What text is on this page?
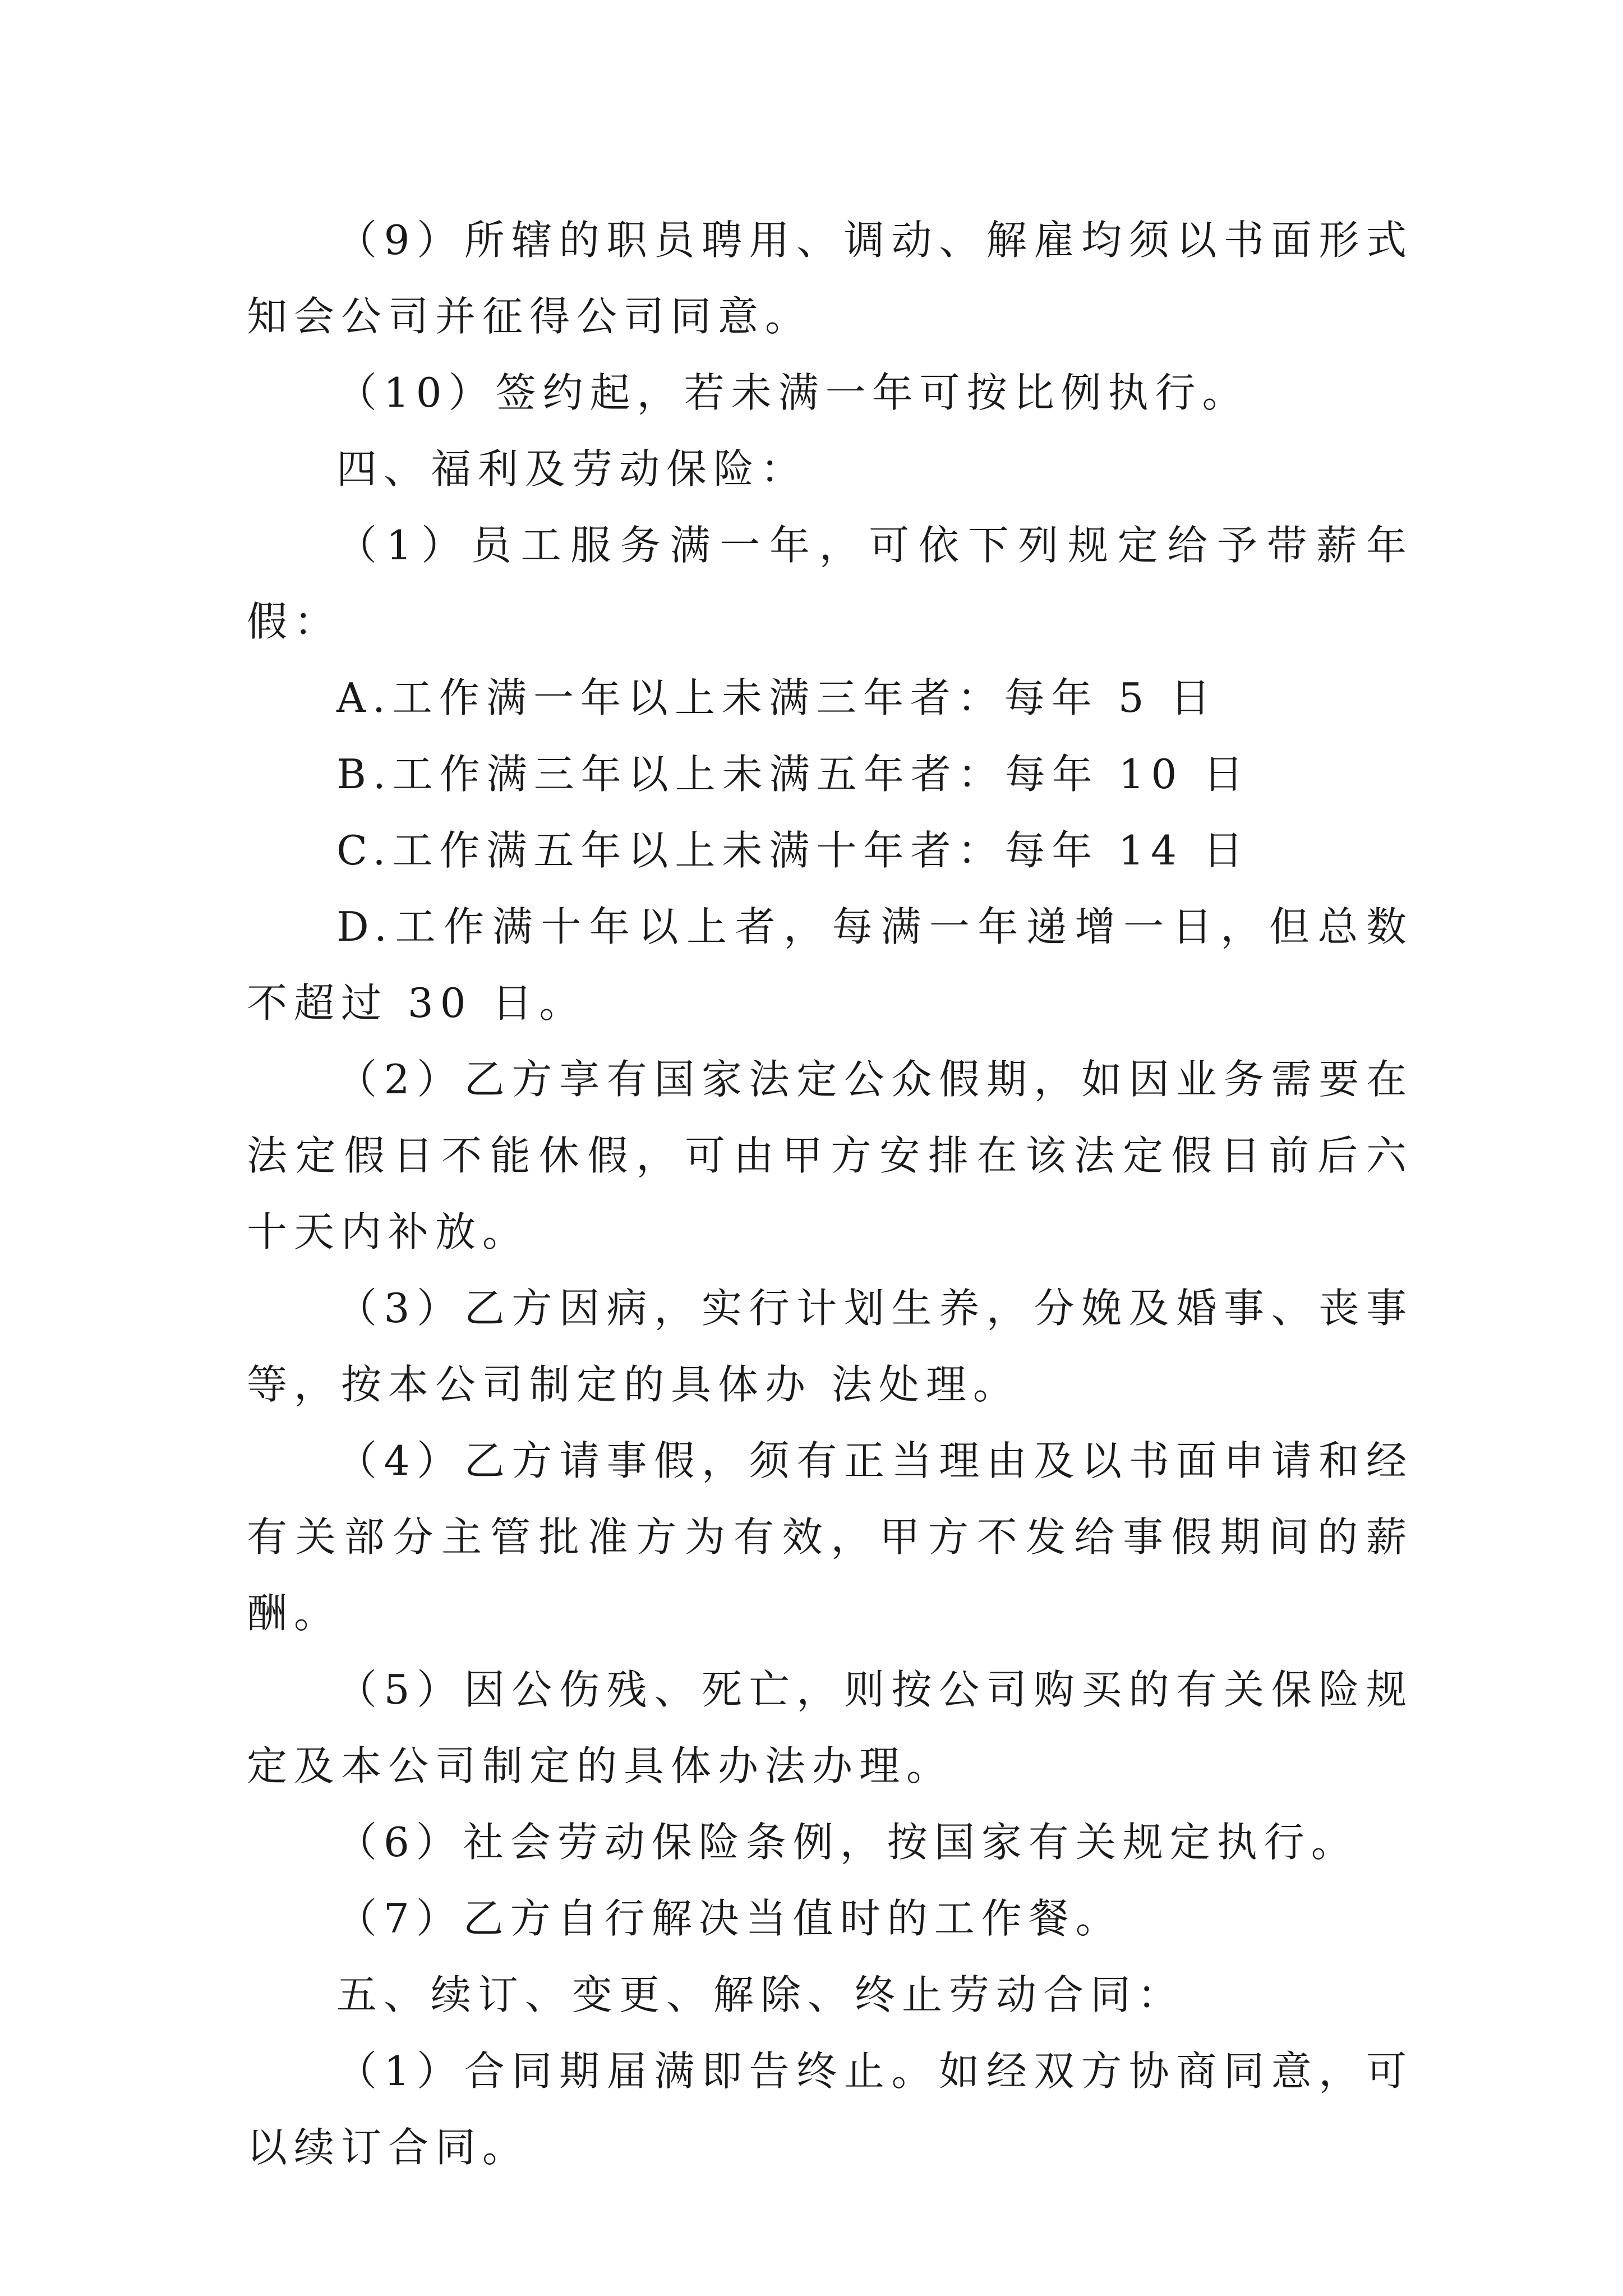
（9）所辖的职员聘用、调动、解雇均须以书面形式知会公司并征得公司同意。

（10）签约起，若未满一年可按比例执行。

四、福利及劳动保险：

（1）员工服务满一年，可依下列规定给予带薪年假：

A.工作满一年以上未满三年者：每年 5 日

B.工作满三年以上未满五年者：每年 10 日

C.工作满五年以上未满十年者：每年 14 日

D.工作满十年以上者，每满一年递增一日，但总数不超过 30 日。

（2）乙方享有国家法定公众假期，如因业务需要在法定假日不能休假，可由甲方安排在该法定假日前后六十天内补放。

（3）乙方因病，实行计划生养，分娩及婚事、丧事等，按本公司制定的具体办 法处理。

（4）乙方请事假，须有正当理由及以书面申请和经有关部分主管批准方为有效，甲方不发给事假期间的薪酬。

（5）因公伤残、死亡，则按公司购买的有关保险规定及本公司制定的具体办法办理。

（6）社会劳动保险条例，按国家有关规定执行。

（7）乙方自行解决当值时的工作餐。

五、续订、变更、解除、终止劳动合同：

（1）合同期届满即告终止。如经双方协商同意，可以续订合同。
